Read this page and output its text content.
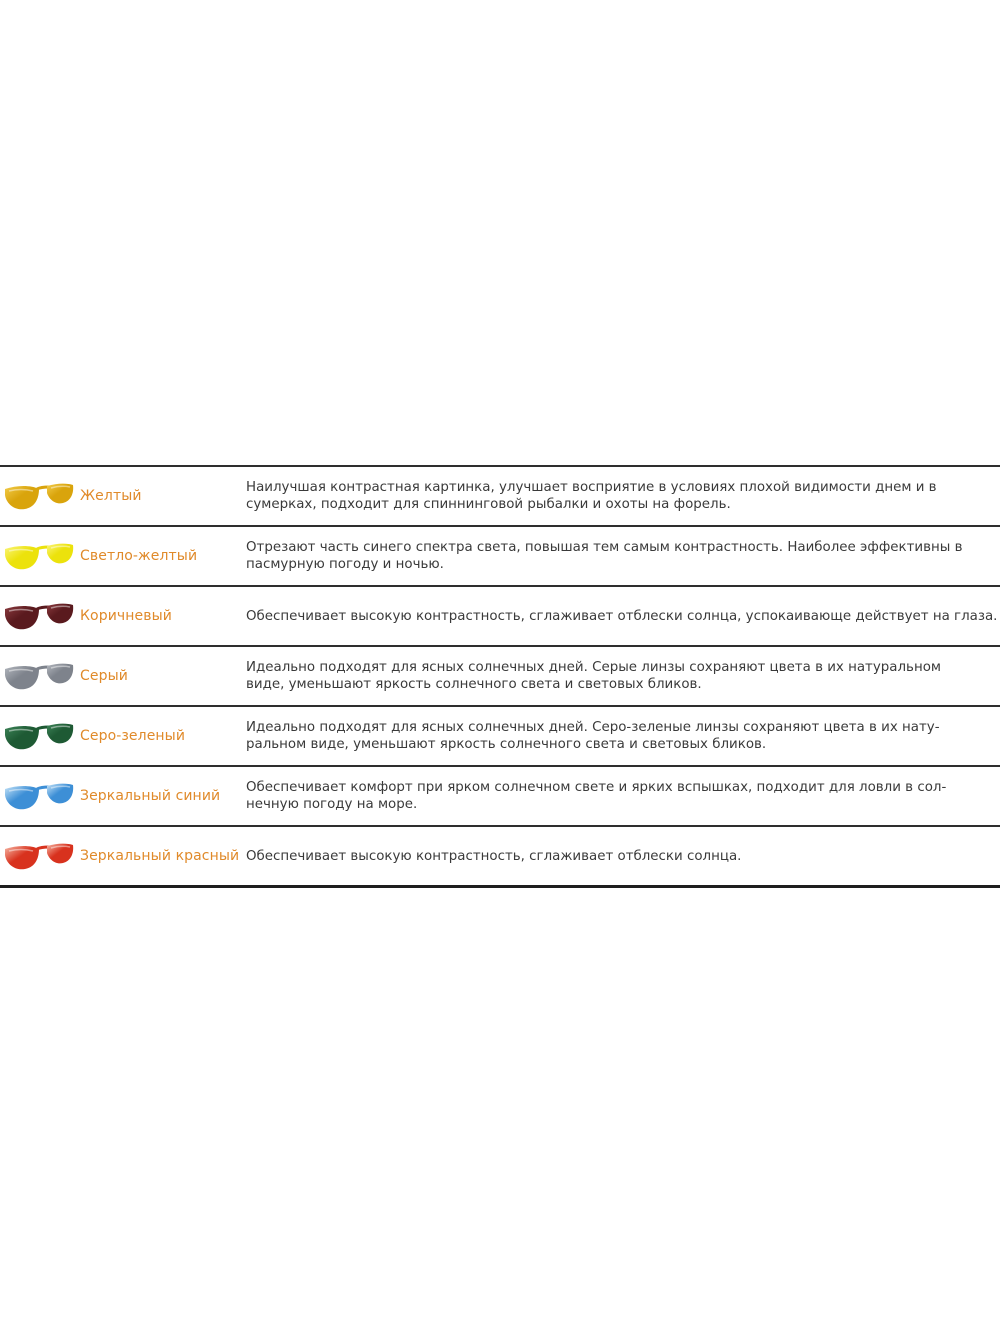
Желтый
Наилучшая контрастная картинка, улучшает восприятие в условиях плохой видимости днем и в
сумерках, подходит для спиннинговой рыбалки и охоты на форель.
Светло-желтый
Отрезают часть синего спектра света, повышая тем самым контрастность. Наиболее эффективны в
пасмурную погоду и ночью.
Коричневый	Обеспечивает высокую контрастность, сглаживает отблески солнца, успокаивающе действует на глаза.
Серый
Идеально подходят для ясных солнечных дней. Серые линзы сохраняют цвета в их натуральном
виде, уменьшают яркость солнечного света и световых бликов.
Серо-зеленый
Идеально подходят для ясных солнечных дней. Серо-зеленые линзы сохраняют цвета в их нату-
ральном виде, уменьшают яркость солнечного света и световых бликов.
Зеркальный синий
Обеспечивает комфорт при ярком солнечном свете и ярких вспышках, подходит для ловли в сол-
нечную погоду на море.
Зеркальный красный Обеспечивает высокую контрастность, сглаживает отблески солнца.
